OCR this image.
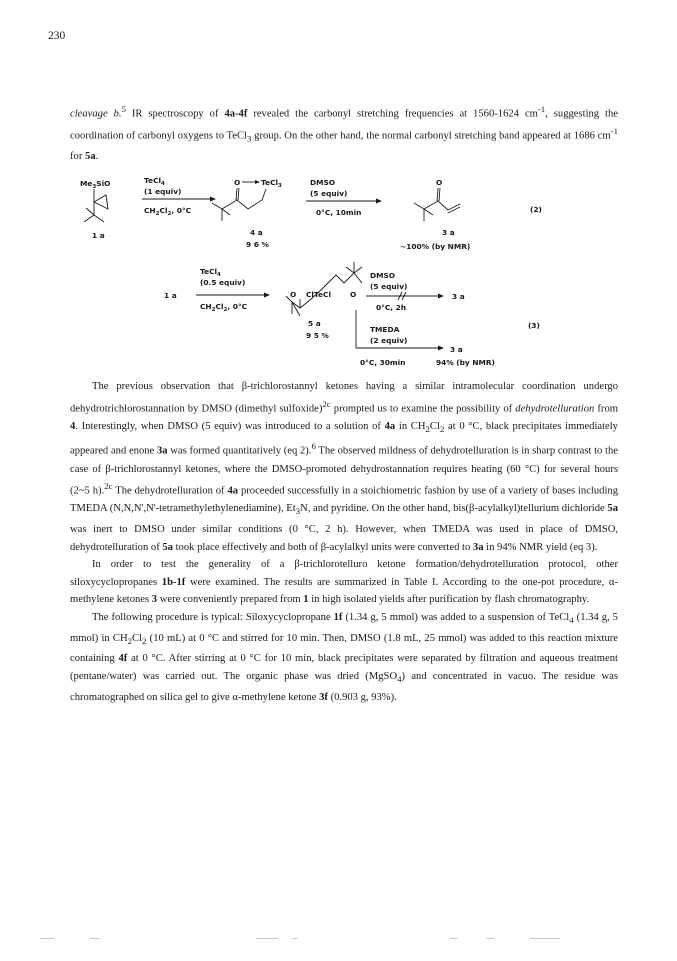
230

cleavage b.$^5$ IR spectroscopy of 4a-4f revealed the carbonyl stretching frequencies at 1560-1624 $cm^{-1}$, suggesting the coordination of carbonyl oxygens to TeCl$_3$ group. On the other hand, the normal carbonyl stretching band appeared at 1686 $cm^{-1}$ for 5a.

$Me_3SiO$
1 a
TeCl$_4$
(1 equiv)
$CH_2Cl_2$, 0°C
O	TeCl$_3$
4 a
9 6 %
DMSO
(5 equiv)
0°C, 10min
O
3 a
~100% (by NMR)
(2)
TeCl$_4$
(0.5 equiv)
1 a
$CH_2Cl_2$, 0°C
O ClTeCl	O
5 a
9 5 %
DMSO
(5 equiv)
3 a
0°C, 2h
TMEDA
(2 equiv)
3 a
0°C, 30min	94% (by NMR)
(3)

The previous observation that β-trichlorostannyl ketones having a similar intramolecular coordination undergo dehydrotrichlorostannation by DMSO (dimethyl sulfoxide)$^{2c}$ prompted us to examine the possibility of dehydrotelluration from 4. Interestingly, when DMSO (5 equiv) was introduced to a solution of 4a in $CH_2Cl_2$ at 0 °C, black precipitates immediately appeared and enone 3a was formed quantitatively (eq 2).$^6$ The observed mildness of dehydrotelluration is in sharp contrast to the case of β-trichlorostannyl ketones, where the DMSO-promoted dehydrostannation requires heating (60 °C) for several hours (2~5 h).$^{2c}$ The dehydrotelluration of 4a proceeded successfully in a stoichiometric fashion by use of a variety of bases including TMEDA (N,N,N',N'-tetramethylethylenediamine), $Et_3N$, and pyridine. On the other hand, bis(β-acylalkyl)tellurium dichloride 5a was inert to DMSO under similar conditions (0 °C, 2 h). However, when TMEDA was used in place of DMSO, dehydrotelluration of 5a took place effectively and both of β-acylalkyl units were converted to 3a in 94% NMR yield (eq 3).

In order to test the generality of a β-trichlorotelluro ketone formation/dehydrotelluration protocol, other siloxycyclopropanes 1b-1f were examined. The results are summarized in Table I. According to the one-pot procedure, α-methylene ketones 3 were conveniently prepared from 1 in high isolated yields after purification by flash chromatography.

The following procedure is typical: Siloxycyclopropane 1f (1.34 g, 5 mmol) was added to a suspension of TeCl$_4$ (1.34 g, 5 mmol) in $CH_2Cl_2$ (10 mL) at 0 °C and stirred for 10 min. Then, DMSO (1.8 mL, 25 mmol) was added to this reaction mixture containing 4f at 0 °C. After stirring at 0 °C for 10 min, black precipitates were separated by filtration and aqueous treatment (pentane/water) was carried out. The organic phase was dried (MgSO$_4$) and concentrated in vacuo. The residue was chromatographed on silica gel to give α-methylene ketone 3f (0.903 g, 93%).
